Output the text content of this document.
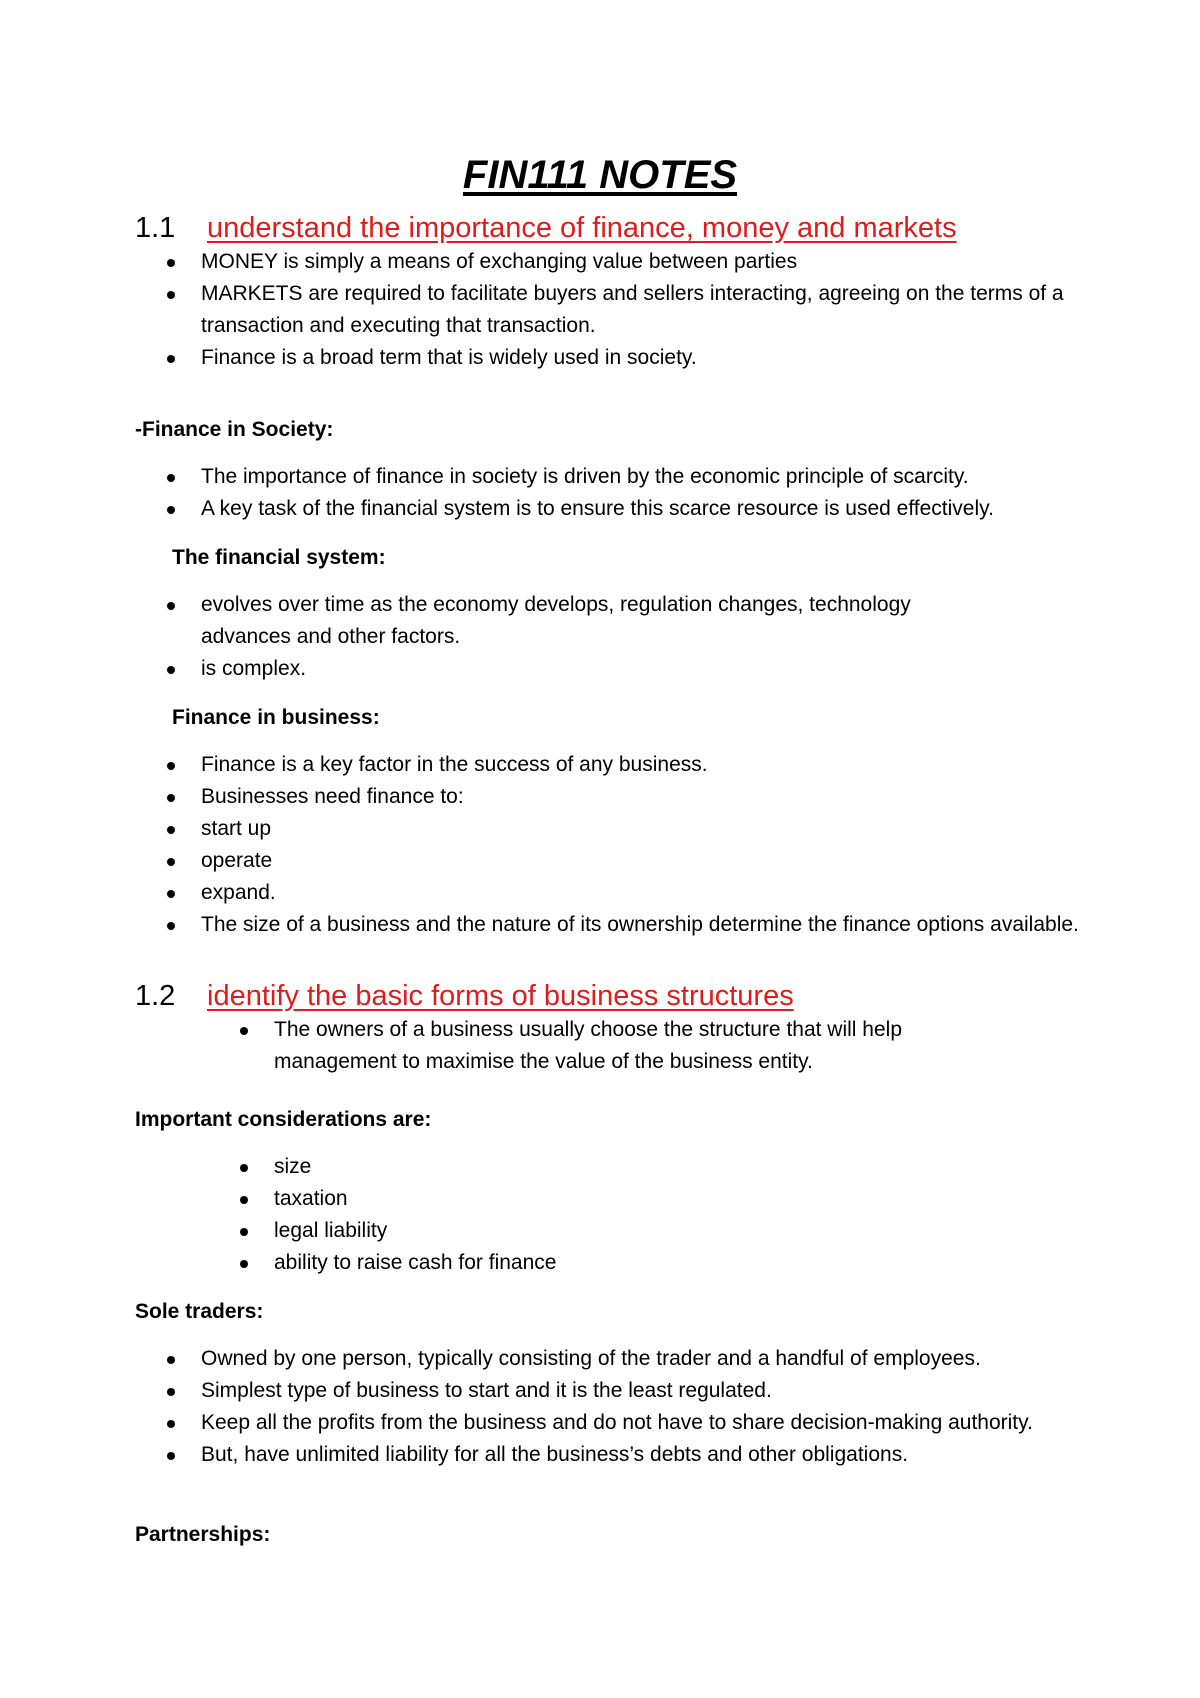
FIN111 NOTES
1.1 understand the importance of finance, money and markets
MONEY is simply a means of exchanging value between parties
MARKETS are required to facilitate buyers and sellers interacting, agreeing on the terms of a transaction and executing that transaction.
Finance is a broad term that is widely used in society.

-Finance in Society:

The importance of finance in society is driven by the economic principle of scarcity.
A key task of the financial system is to ensure this scarce resource is used effectively.

The financial system:

evolves over time as the economy develops, regulation changes, technology advances and other factors.
is complex.

Finance in business:

Finance is a key factor in the success of any business.
Businesses need finance to:
start up
operate
expand.
The size of a business and the nature of its ownership determine the finance options available.
1.2 identify the basic forms of business structures
The owners of a business usually choose the structure that will help management to maximise the value of the business entity.

Important considerations are:

size
taxation
legal liability
ability to raise cash for finance

Sole traders:

Owned by one person, typically consisting of the trader and a handful of employees.
Simplest type of business to start and it is the least regulated.
Keep all the profits from the business and do not have to share decision-making authority.
But, have unlimited liability for all the business’s debts and other obligations.

Partnerships:
